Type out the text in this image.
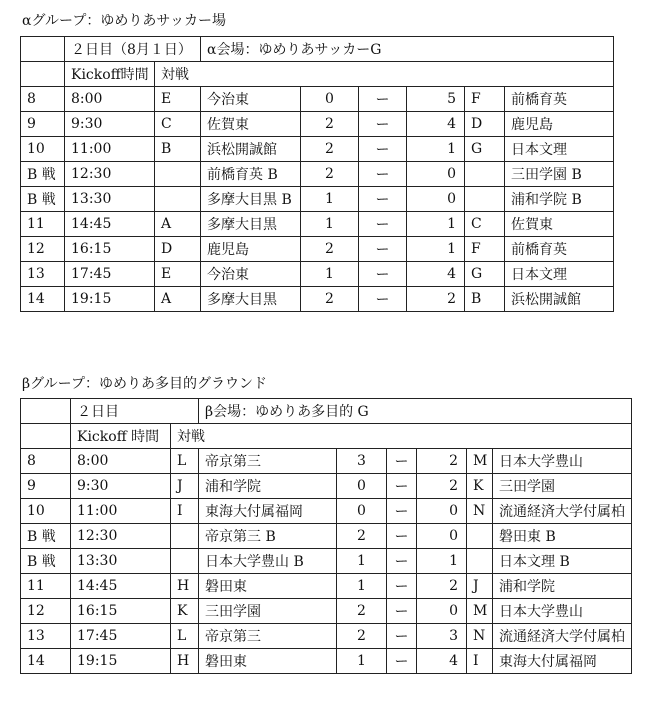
αグループ：ゆめりあサッカー場
	２日目（8月１日）		α会場：ゆめりあサッカーG					
	Kickoff時間	対戦						
8	8:00	E	今治東	0	ー	5	F	前橋育英
9	9:30	C	佐賀東	2	ー	4	D	鹿児島
10	11:00	B	浜松開誠館	2	ー	1	G	日本文理
B 戦	12:30		前橋育英 B	2	ー	0		三田学園 B
B 戦	13:30		多摩大目黒 B	1	ー	0		浦和学院 B
11	14:45	A	多摩大目黒	1	ー	1	C	佐賀東
12	16:15	D	鹿児島	2	ー	1	F	前橋育英
13	17:45	E	今治東	1	ー	4	G	日本文理
14	19:15	A	多摩大目黒	2	ー	2	B	浜松開誠館
βグループ：ゆめりあ多目的グラウンド
	２日目		β会場：ゆめりあ多目的 G					
	Kickoff 時間	対戦						
8	8:00	L	帝京第三	3	ー	2	M	日本大学豊山
9	9:30	J	浦和学院	0	ー	2	K	三田学園
10	11:00	I	東海大付属福岡	0	ー	0	N	流通経済大学付属柏
B 戦	12:30		帝京第三 B	2	ー	0		磐田東 B
B 戦	13:30		日本大学豊山 B	1	ー	1		日本文理 B
11	14:45	H	磐田東	1	ー	2	J	浦和学院
12	16:15	K	三田学園	2	ー	0	M	日本大学豊山
13	17:45	L	帝京第三	2	ー	3	N	流通経済大学付属柏
14	19:15	H	磐田東	1	ー	4	I	東海大付属福岡
